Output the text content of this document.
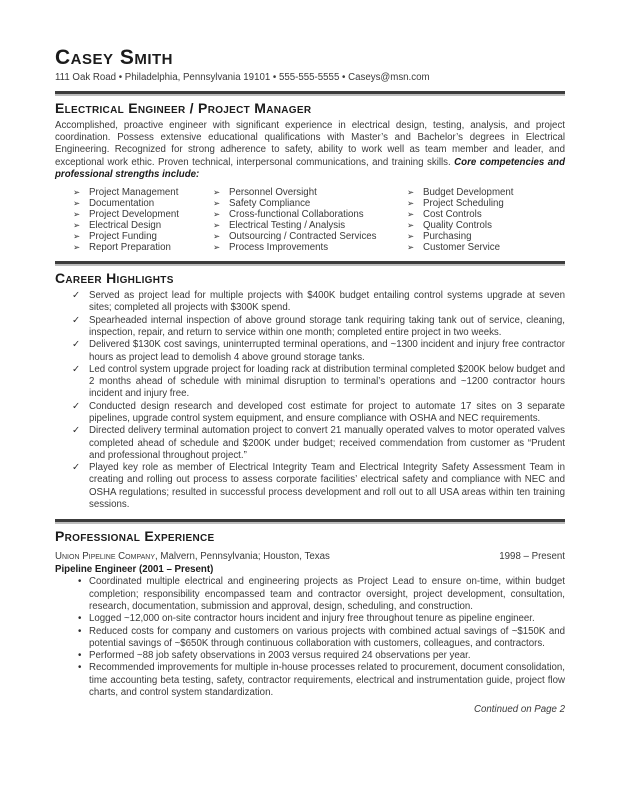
Casey Smith
111 Oak Road • Philadelphia, Pennsylvania 19101 • 555-555-5555 • Caseys@msn.com
Electrical Engineer / Project Manager

Accomplished, proactive engineer with significant experience in electrical design, testing, analysis, and project coordination. Possess extensive educational qualifications with Master’s and Bachelor’s degrees in Electrical Engineering. Recognized for strong adherence to safety, ability to work well as team member and leader, and exceptional work ethic. Proven technical, interpersonal communications, and training skills. Core competencies and professional strengths include:

➢ Project Management
➢ Documentation
➢ Project Development
➢ Electrical Design
➢ Project Funding
➢ Report Preparation
➢ Personnel Oversight
➢ Safety Compliance
➢ Cross-functional Collaborations
➢ Electrical Testing / Analysis
➢ Outsourcing / Contracted Services
➢ Process Improvements
➢ Budget Development
➢ Project Scheduling
➢ Cost Controls
➢ Quality Controls
➢ Purchasing
➢ Customer Service
Career Highlights
✓ Served as project lead for multiple projects with $400K budget entailing control systems upgrade at seven sites; completed all projects with $300K spend.

✓ Spearheaded internal inspection of above ground storage tank requiring taking tank out of service, cleaning, inspection, repair, and return to service within one month; completed entire project in two weeks.

✓ Delivered $130K cost savings, uninterrupted terminal operations, and ~1300 incident and injury free contractor hours as project lead to demolish 4 above ground storage tanks.

✓ Led control system upgrade project for loading rack at distribution terminal completed $200K below budget and 2 months ahead of schedule with minimal disruption to terminal’s operations and ~1200 contractor hours incident and injury free.

✓ Conducted design research and developed cost estimate for project to automate 17 sites on 3 separate pipelines, upgrade control system equipment, and ensure compliance with OSHA and NEC requirements.

✓ Directed delivery terminal automation project to convert 21 manually operated valves to motor operated valves completed ahead of schedule and $200K under budget; received commendation from customer as “Prudent and professional throughout project.”

✓ Played key role as member of Electrical Integrity Team and Electrical Integrity Safety Assessment Team in creating and rolling out process to assess corporate facilities’ electrical safety and compliance with NEC and OSHA regulations; resulted in successful process development and roll out to all USA areas within ten training sessions.

Professional Experience
Union Pipeline Company, Malvern, Pennsylvania; Houston, Texas	1998 – Present
Pipeline Engineer (2001 – Present)
• Coordinated multiple electrical and engineering projects as Project Lead to ensure on-time, within budget completion; responsibility encompassed team and contractor oversight, project development, consultation, research, documentation, submission and approval, design, scheduling, and construction.

• Logged ~12,000 on-site contractor hours incident and injury free throughout tenure as pipeline engineer.

• Reduced costs for company and customers on various projects with combined actual savings of ~$150K and potential savings of ~$650K through continuous collaboration with customers, colleagues, and contractors.

• Performed ~88 job safety observations in 2003 versus required 24 observations per year.

• Recommended improvements for multiple in-house processes related to procurement, document consolidation, time accounting beta testing, safety, contractor requirements, electrical and instrumentation guide, project flow charts, and control system standardization.

Continued on Page 2
